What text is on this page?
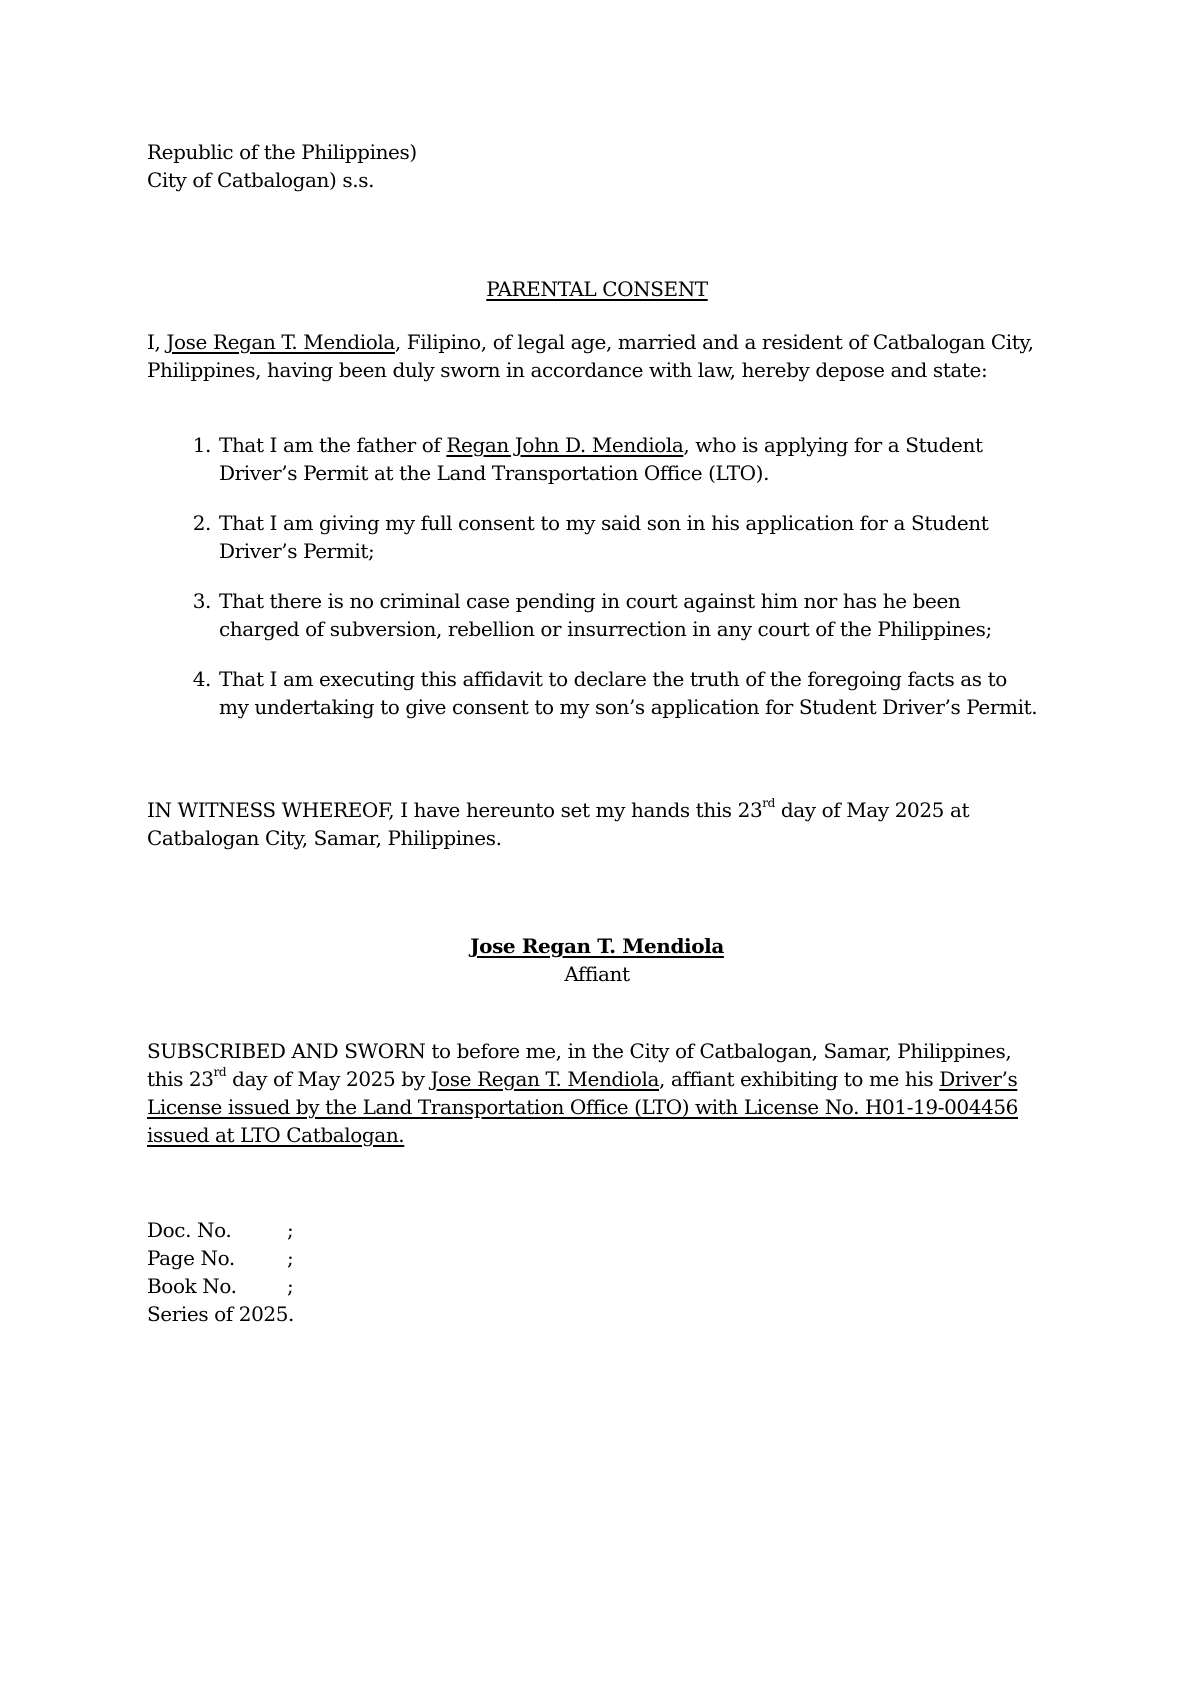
Republic of the Philippines)
City of Catbalogan) s.s.
PARENTAL CONSENT
I, Jose Regan T. Mendiola, Filipino, of legal age, married and a resident of Catbalogan City, Philippines, having been duly sworn in accordance with law, hereby depose and state:
1. That I am the father of Regan John D. Mendiola, who is applying for a Student Driver’s Permit at the Land Transportation Office (LTO).
2. That I am giving my full consent to my said son in his application for a Student Driver’s Permit;
3. That there is no criminal case pending in court against him nor has he been charged of subversion, rebellion or insurrection in any court of the Philippines;
4. That I am executing this affidavit to declare the truth of the foregoing facts as to my undertaking to give consent to my son’s application for Student Driver’s Permit.
IN WITNESS WHEREOF, I have hereunto set my hands this 23rd day of May 2025 at Catbalogan City, Samar, Philippines.
Jose Regan T. Mendiola
Affiant
SUBSCRIBED AND SWORN to before me, in the City of Catbalogan, Samar, Philippines, this 23rd day of May 2025 by Jose Regan T. Mendiola, affiant exhibiting to me his Driver’s License issued by the Land Transportation Office (LTO) with License No. H01-19-004456 issued at LTO Catbalogan.
Doc. No.	;
Page No.	;
Book No.	;
Series of 2025.
